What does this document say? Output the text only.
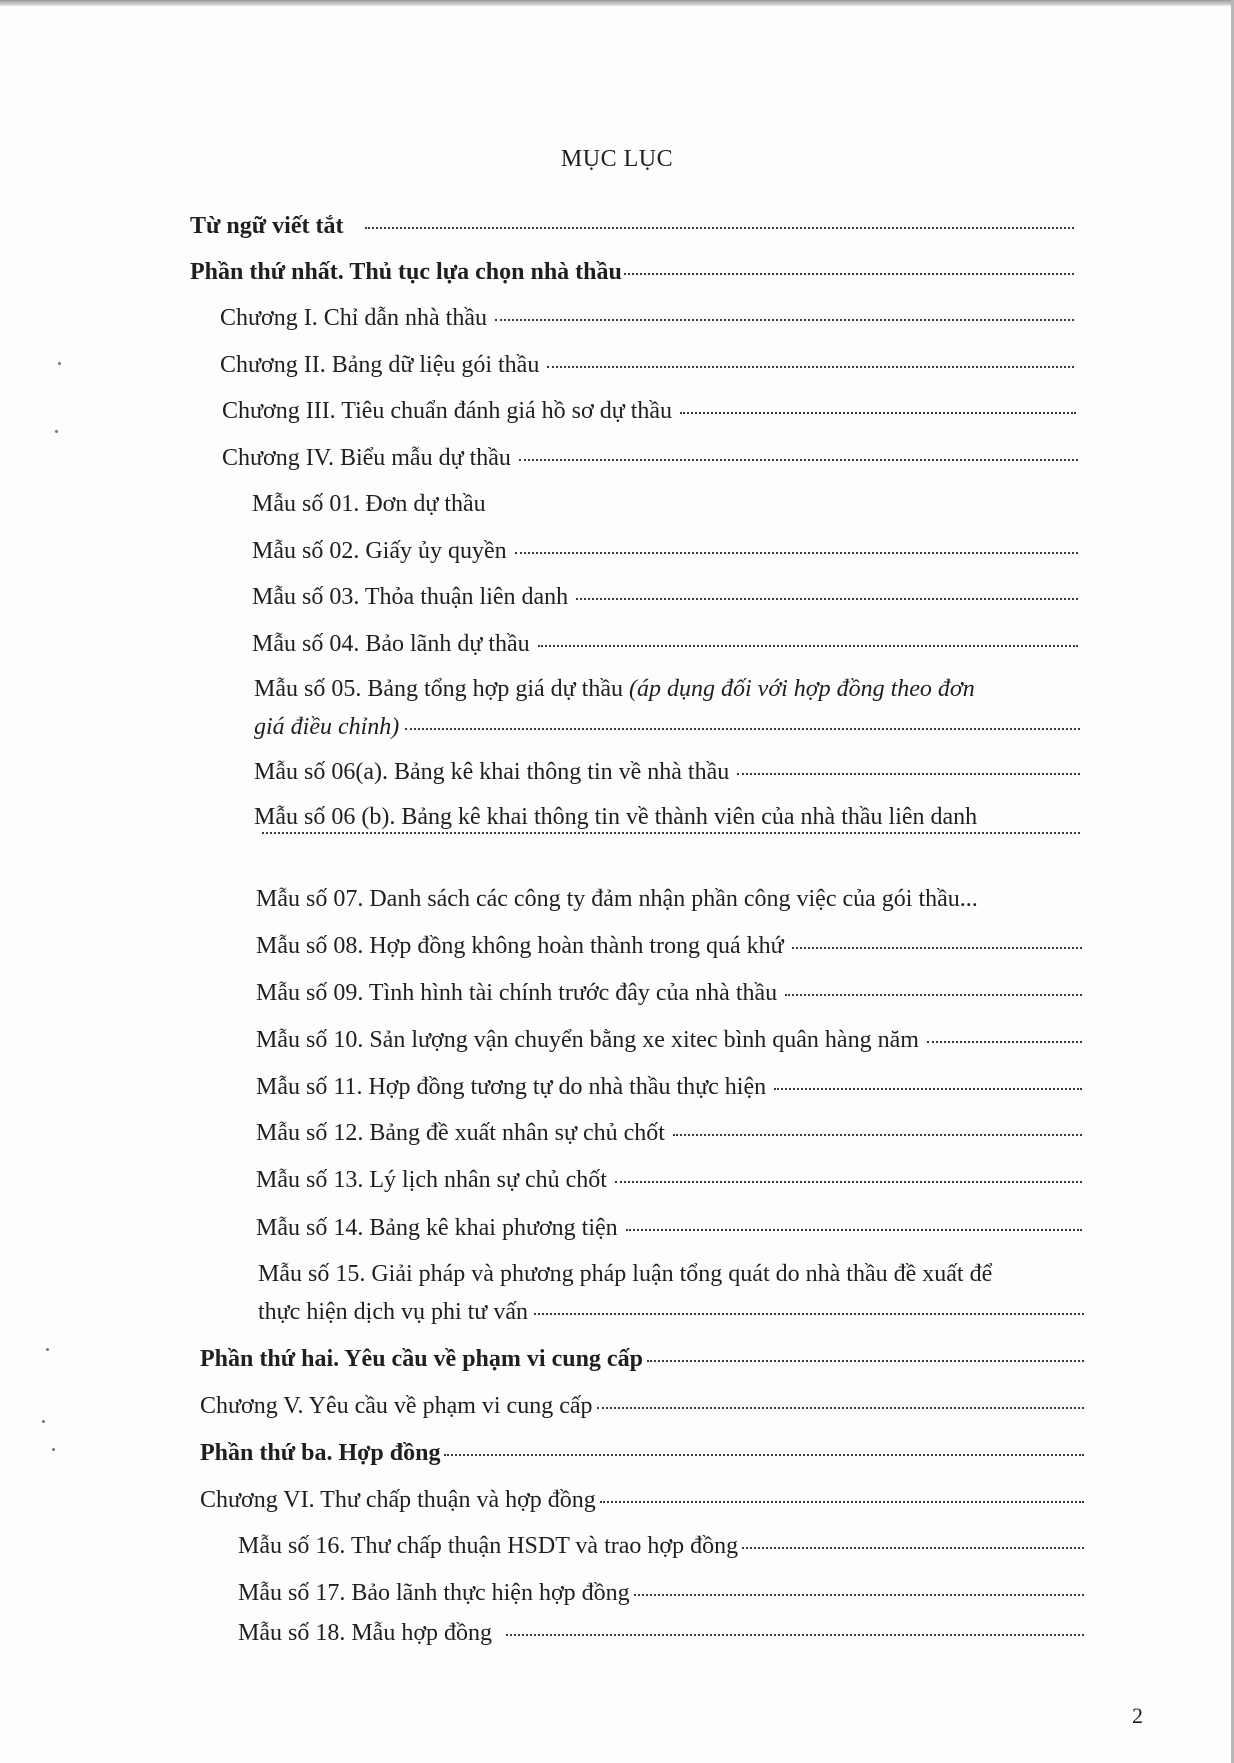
MỤC LỤC
Từ ngữ viết tắt
Phần thứ nhất. Thủ tục lựa chọn nhà thầu
Chương I. Chỉ dẫn nhà thầu
Chương II. Bảng dữ liệu gói thầu
Chương III. Tiêu chuẩn đánh giá hồ sơ dự thầu
Chương IV. Biểu mẫu dự thầu
Mẫu số 01. Đơn dự thầu
Mẫu số 02. Giấy ủy quyền
Mẫu số 03. Thỏa thuận liên danh
Mẫu số 04. Bảo lãnh dự thầu
Mẫu số 05. Bảng tổng hợp giá dự thầu (áp dụng đối với hợp đồng theo đơn
giá điều chỉnh)
Mẫu số 06(a). Bảng kê khai thông tin về nhà thầu
Mẫu số 06 (b). Bảng kê khai thông tin về thành viên của nhà thầu liên danh
Mẫu số 07. Danh sách các công ty đảm nhận phần công việc của gói thầu...
Mẫu số 08. Hợp đồng không hoàn thành trong quá khứ
Mẫu số 09. Tình hình tài chính trước đây của nhà thầu
Mẫu số 10. Sản lượng vận chuyển bằng xe xitec bình quân hàng năm
Mẫu số 11. Hợp đồng tương tự do nhà thầu thực hiện
Mẫu số 12. Bảng đề xuất nhân sự chủ chốt
Mẫu số 13. Lý lịch nhân sự chủ chốt
Mẫu số 14. Bảng kê khai phương tiện
Mẫu số 15. Giải pháp và phương pháp luận tổng quát do nhà thầu đề xuất để
thực hiện dịch vụ phi tư vấn
Phần thứ hai. Yêu cầu về phạm vi cung cấp
Chương V. Yêu cầu về phạm vi cung cấp
Phần thứ ba. Hợp đồng
Chương VI. Thư chấp thuận và hợp đồng
Mẫu số 16. Thư chấp thuận HSDT và trao hợp đồng
Mẫu số 17. Bảo lãnh thực hiện hợp đồng
Mẫu số 18. Mẫu hợp đồng
2
